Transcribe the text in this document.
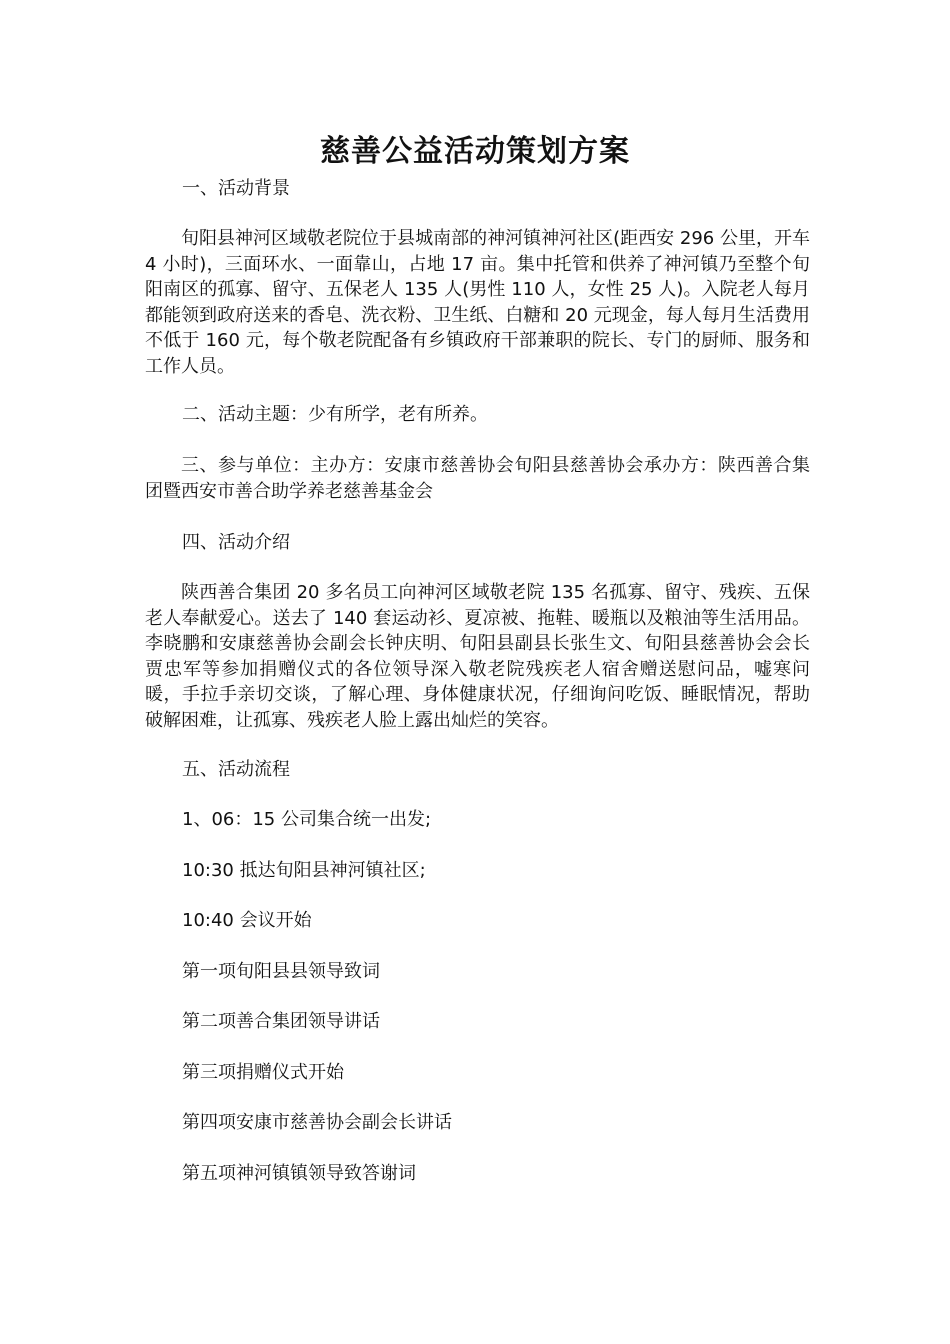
慈善公益活动策划方案

一、活动背景

旬阳县神河区域敬老院位于县城南部的神河镇神河社区(距西安 296 公里，开车 4 小时)，三面环水、一面靠山，占地 17 亩。集中托管和供养了神河镇乃至整个旬阳南区的孤寡、留守、五保老人 135 人(男性 110 人，女性 25 人)。入院老人每月都能领到政府送来的香皂、洗衣粉、卫生纸、白糖和 20 元现金，每人每月生活费用不低于 160 元，每个敬老院配备有乡镇政府干部兼职的院长、专门的厨师、服务和工作人员。

二、活动主题：少有所学，老有所养。

三、参与单位：主办方：安康市慈善协会旬阳县慈善协会承办方：陕西善合集团暨西安市善合助学养老慈善基金会

四、活动介绍

陕西善合集团 20 多名员工向神河区域敬老院 135 名孤寡、留守、残疾、五保老人奉献爱心。送去了 140 套运动衫、夏凉被、拖鞋、暖瓶以及粮油等生活用品。李晓鹏和安康慈善协会副会长钟庆明、旬阳县副县长张生文、旬阳县慈善协会会长贾忠军等参加捐赠仪式的各位领导深入敬老院残疾老人宿舍赠送慰问品，嘘寒问暖，手拉手亲切交谈，了解心理、身体健康状况，仔细询问吃饭、睡眠情况，帮助破解困难，让孤寡、残疾老人脸上露出灿烂的笑容。

五、活动流程

1、06：15 公司集合统一出发;

10:30 抵达旬阳县神河镇社区;

10:40 会议开始

第一项旬阳县县领导致词

第二项善合集团领导讲话

第三项捐赠仪式开始

第四项安康市慈善协会副会长讲话

第五项神河镇镇领导致答谢词
